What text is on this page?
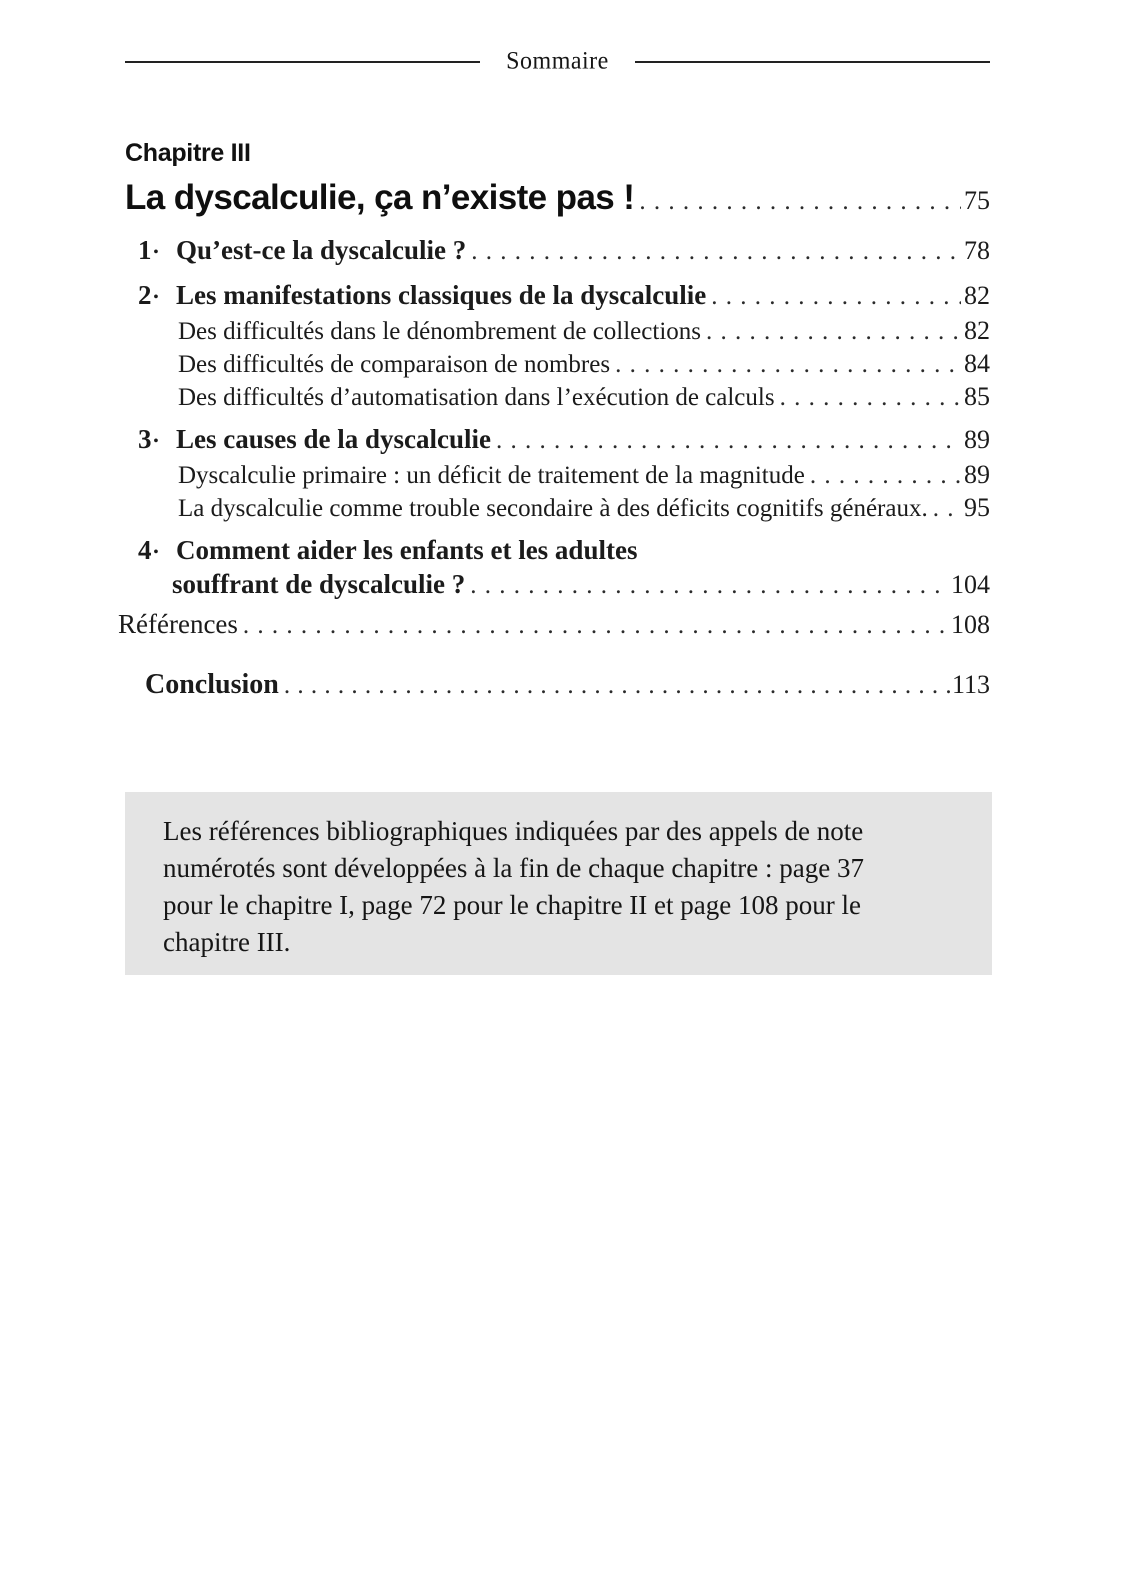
Sommaire
Chapitre III
La dyscalculie, ça n’existe pas ! . . .	75
1 • Qu’est-ce la dyscalculie ? . . .	78
2 • Les manifestations classiques de la dyscalculie . . .	82
Des difficultés dans le dénombrement de collections . . .	82
Des difficultés de comparaison de nombres . . .	84
Des difficultés d’automatisation dans l’exécution de calculs . . .	85
3 • Les causes de la dyscalculie . . .	89
Dyscalculie primaire : un déficit de traitement de la magnitude . . .	89
La dyscalculie comme trouble secondaire à des déficits cognitifs généraux. . . . 95
4 • Comment aider les enfants et les adultes
souffrant de dyscalculie ? . . .	104
Références . . .	108
Conclusion . . .	113
Les références bibliographiques indiquées par des appels de note
numérotés sont développées à la fin de chaque chapitre : page 37
pour le chapitre I, page 72 pour le chapitre II et page 108 pour le
chapitre III.
